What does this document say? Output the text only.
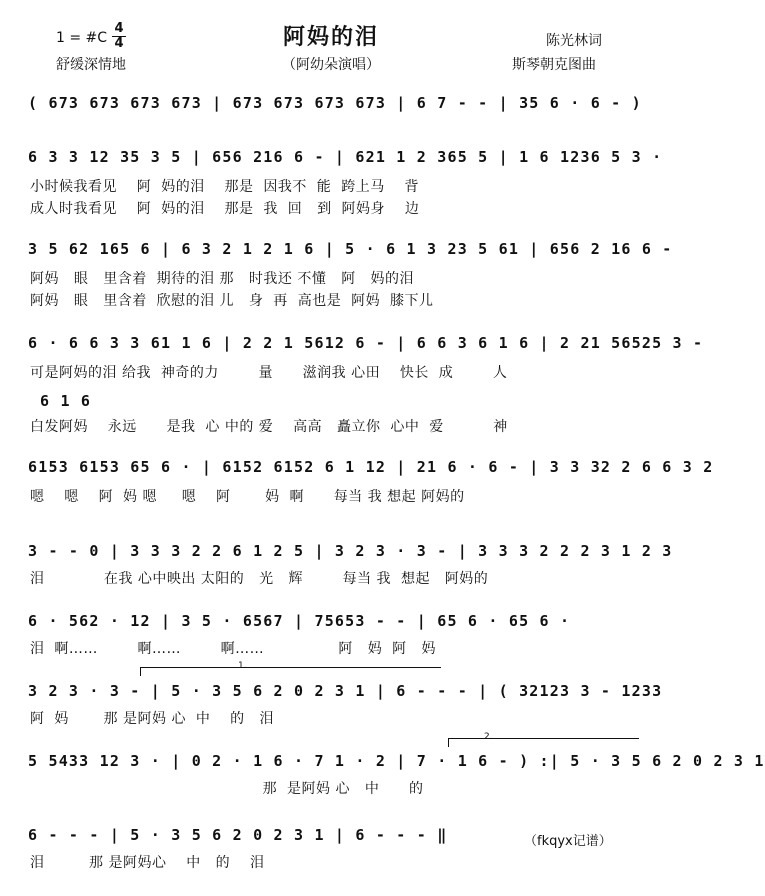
1 = #C
4
4	阿妈的泪	陈光林词
舒缓深情地	（阿幼朵演唱）	斯琴朝克图曲
( 673 673 673 673 | 673 673 673 673 | 6 7 - - | 35 6 · 6 - )
6 3 3 12 35 3 5 | 656 216 6 - | 621 1 2 365 5 | 1 6 1236 5 3 ·
小时候我看见    阿  妈的泪    那是  因我不  能  跨上马    背
成人时我看见    阿  妈的泪    那是  我  回   到  阿妈身    边
3 5 62 165 6 | 6 3 2 1 2 1 6 | 5 · 6 1 3 23 5 61 | 656 2 16 6 -
阿妈   眼   里含着  期待的泪 那   时我还 不懂   阿   妈的泪
阿妈   眼   里含着  欣慰的泪 儿   身  再  高也是  阿妈  膝下儿
6 · 6 6 3 3 61 1 6 | 2 2 1 5612 6 - | 6 6 3 6 1 6 | 2 21 56525 3 -
可是阿妈的泪 给我  神奇的力        量      滋润我 心田    快长  成        人
6 1 6
白发阿妈    永远      是我  心 中的 爱    高高   矗立你  心中  爱          神
6153 6153 65 6 · | 6152 6152 6 1 12 | 21 6 · 6 - | 3 3 32 2 6 6 3 2
嗯    嗯    阿  妈 嗯     嗯    阿       妈  啊      每当 我 想起 阿妈的
3 - - 0 | 3 3 3 2 2 6 1 2 5 | 3 2 3 · 3 - | 3 3 3 2 2 2 3 1 2 3
泪            在我 心中映出 太阳的   光   辉        每当 我  想起   阿妈的
6 · 562 · 12 | 3 5 · 6567 | 75653 - - | 65 6 · 65 6 ·
泪  啊……        啊……        啊……               阿   妈  阿   妈
1.
3 2 3 · 3 - | 5 · 3 5 6 2 0 2 3 1 | 6 - - - | ( 32123 3 - 1233
阿  妈       那 是阿妈 心  中    的   泪
2.
5 5433 12 3 · | 0 2 · 1 6 · 7 1 · 2 | 7 · 1 6 - ) :| 5 · 3 5 6 2 0 2 3 1
那  是阿妈 心   中      的
6 - - - | 5 · 3 5 6 2 0 2 3 1 | 6 - - - ‖
泪         那 是阿妈心    中   的    泪
（fkqyx记谱）
